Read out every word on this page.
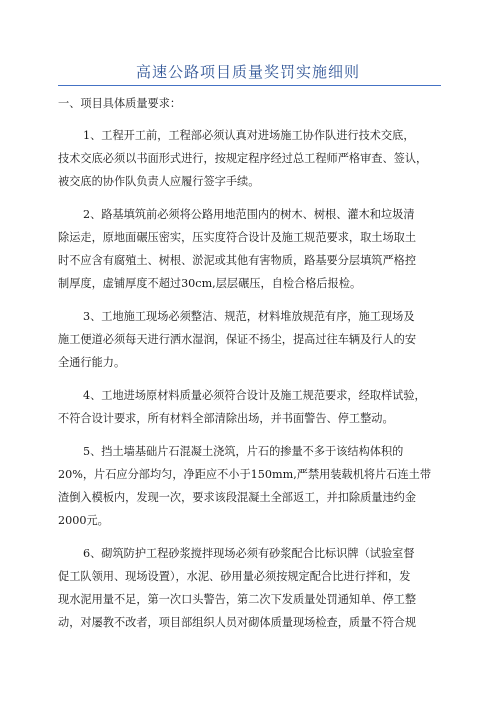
高速公路项目质量奖罚实施细则
一、项目具体质量要求：
1、工程开工前，工程部必须认真对进场施工协作队进行技术交底，
技术交底必须以书面形式进行，按规定程序经过总工程师严格审查、签认，
被交底的协作队负责人应履行签字手续。
2、路基填筑前必须将公路用地范围内的树木、树根、灌木和垃圾清
除运走，原地面碾压密实，压实度符合设计及施工规范要求，取土场取土
时不应含有腐殖土、树根、淤泥或其他有害物质，路基要分层填筑严格控
制厚度，虚铺厚度不超过30cm,层层碾压，自检合格后报检。
3、工地施工现场必须整洁、规范，材料堆放规范有序，施工现场及
施工便道必须每天进行洒水湿润，保证不扬尘，提高过往车辆及行人的安
全通行能力。
4、工地进场原材料质量必须符合设计及施工规范要求，经取样试验，
不符合设计要求，所有材料全部清除出场，并书面警告、停工整动。
5、挡土墙基础片石混凝土浇筑，片石的掺量不多于该结构体积的
20%，片石应分部均匀，净距应不小于150mm,严禁用装载机将片石连土带
渣倒入模板内，发现一次，要求该段混凝土全部返工，并扣除质量违约金
2000元。
6、砌筑防护工程砂浆搅拌现场必须有砂浆配合比标识牌（试验室督
促工队领用、现场设置），水泥、砂用量必须按规定配合比进行拌和，发
现水泥用量不足，第一次口头警告，第二次下发质量处罚通知单、停工整
动，对屡教不改者，项目部组织人员对砌体质量现场检查，质量不符合规
